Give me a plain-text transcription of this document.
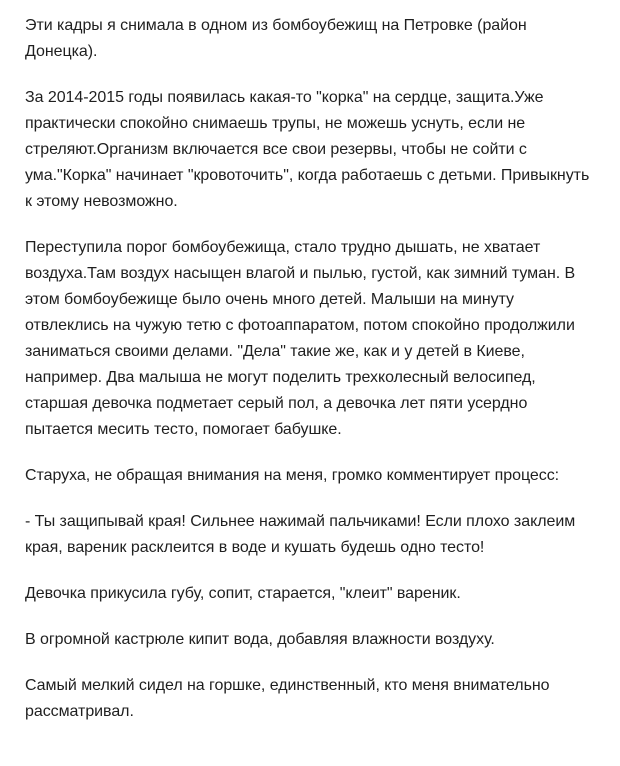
Эти кадры я снимала в одном из бомбоубежищ на Петровке (район Донецка).

За 2014-2015 годы появилась какая-то "корка" на сердце, защита.Уже практически спокойно снимаешь трупы, не можешь уснуть, если не стреляют.Организм включается все свои резервы, чтобы не сойти с ума."Корка" начинает "кровоточить", когда работаешь с детьми. Привыкнуть к этому невозможно.

Переступила порог бомбоубежища, стало трудно дышать, не хватает воздуха.Там воздух насыщен влагой и пылью, густой, как зимний туман. В этом бомбоубежище было очень много детей. Малыши на минуту отвлеклись на чужую тетю с фотоаппаратом, потом спокойно продолжили заниматься своими делами. "Дела" такие же, как и у детей в Киеве, например. Два малыша не могут поделить трехколесный велосипед, старшая девочка подметает серый пол, а девочка лет пяти усердно пытается месить тесто, помогает бабушке.

Старуха, не обращая внимания на меня, громко комментирует процесс:

- Ты защипывай края! Сильнее нажимай пальчиками! Если плохо заклеим края, вареник расклеится в воде и кушать будешь одно тесто!

Девочка прикусила губу, сопит, старается, "клеит" вареник.

В огромной кастрюле кипит вода, добавляя влажности воздуху.

Самый мелкий сидел на горшке, единственный, кто меня внимательно рассматривал.
